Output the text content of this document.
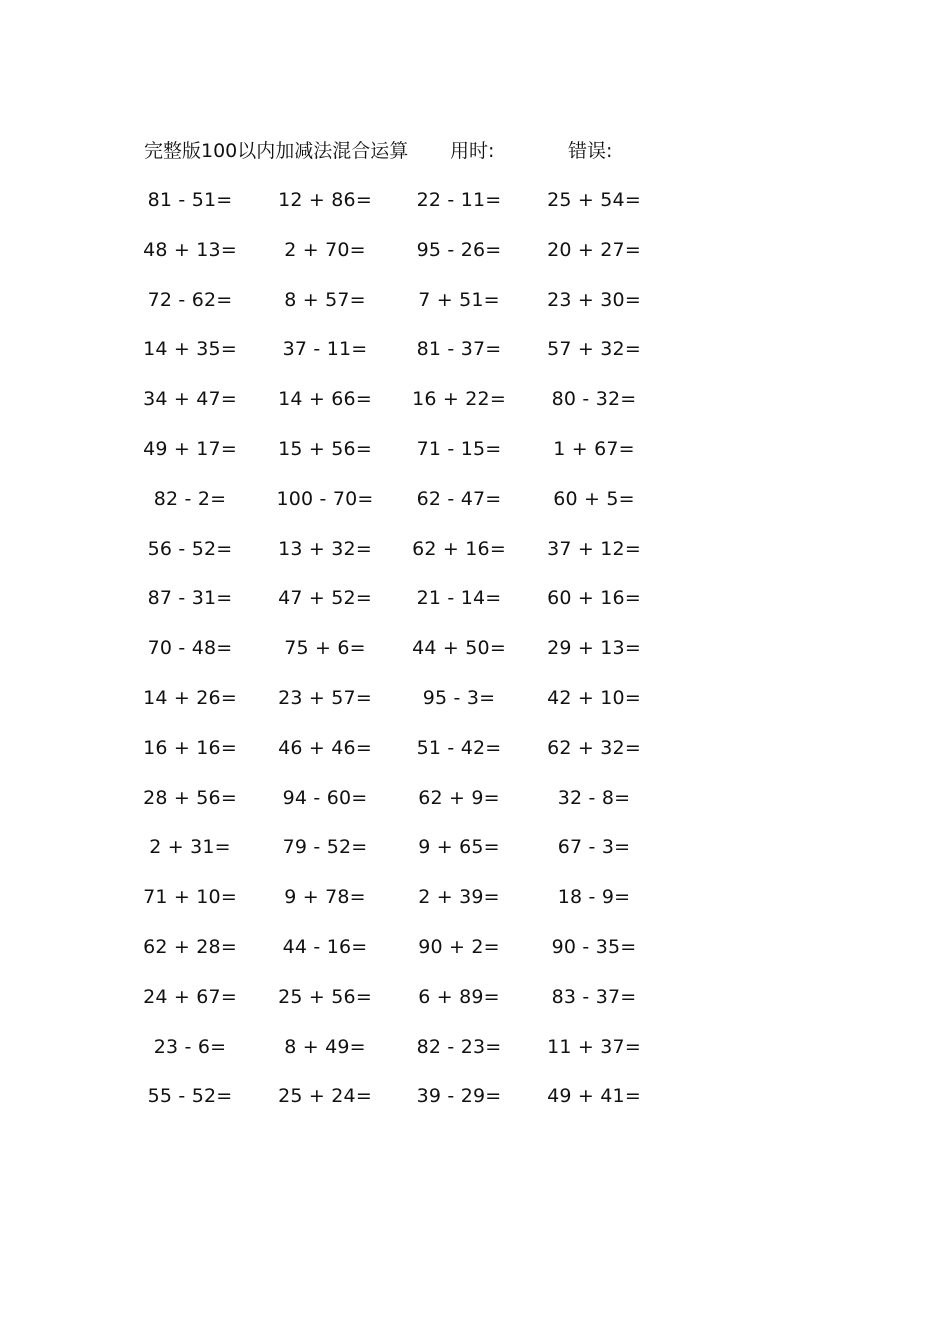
完整版100以内加减法混合运算 用时:	错误:
81 - 51=	12 + 86=	22 - 11=	25 + 54=
48 + 13=	2 + 70=	95 - 26=	20 + 27=
72 - 62=	8 + 57=	7 + 51=	23 + 30=
14 + 35=	37 - 11=	81 - 37=	57 + 32=
34 + 47=	14 + 66=	16 + 22=	80 - 32=
49 + 17=	15 + 56=	71 - 15=	1 + 67=
82 - 2=	100 - 70=	62 - 47=	60 + 5=
56 - 52=	13 + 32=	62 + 16=	37 + 12=
87 - 31=	47 + 52=	21 - 14=	60 + 16=
70 - 48=	75 + 6=	44 + 50=	29 + 13=
14 + 26=	23 + 57=	95 - 3=	42 + 10=
16 + 16=	46 + 46=	51 - 42=	62 + 32=
28 + 56=	94 - 60=	62 + 9=	32 - 8=
2 + 31=	79 - 52=	9 + 65=	67 - 3=
71 + 10=	9 + 78=	2 + 39=	18 - 9=
62 + 28=	44 - 16=	90 + 2=	90 - 35=
24 + 67=	25 + 56=	6 + 89=	83 - 37=
23 - 6=	8 + 49=	82 - 23=	11 + 37=
55 - 52=	25 + 24=	39 - 29=	49 + 41=
